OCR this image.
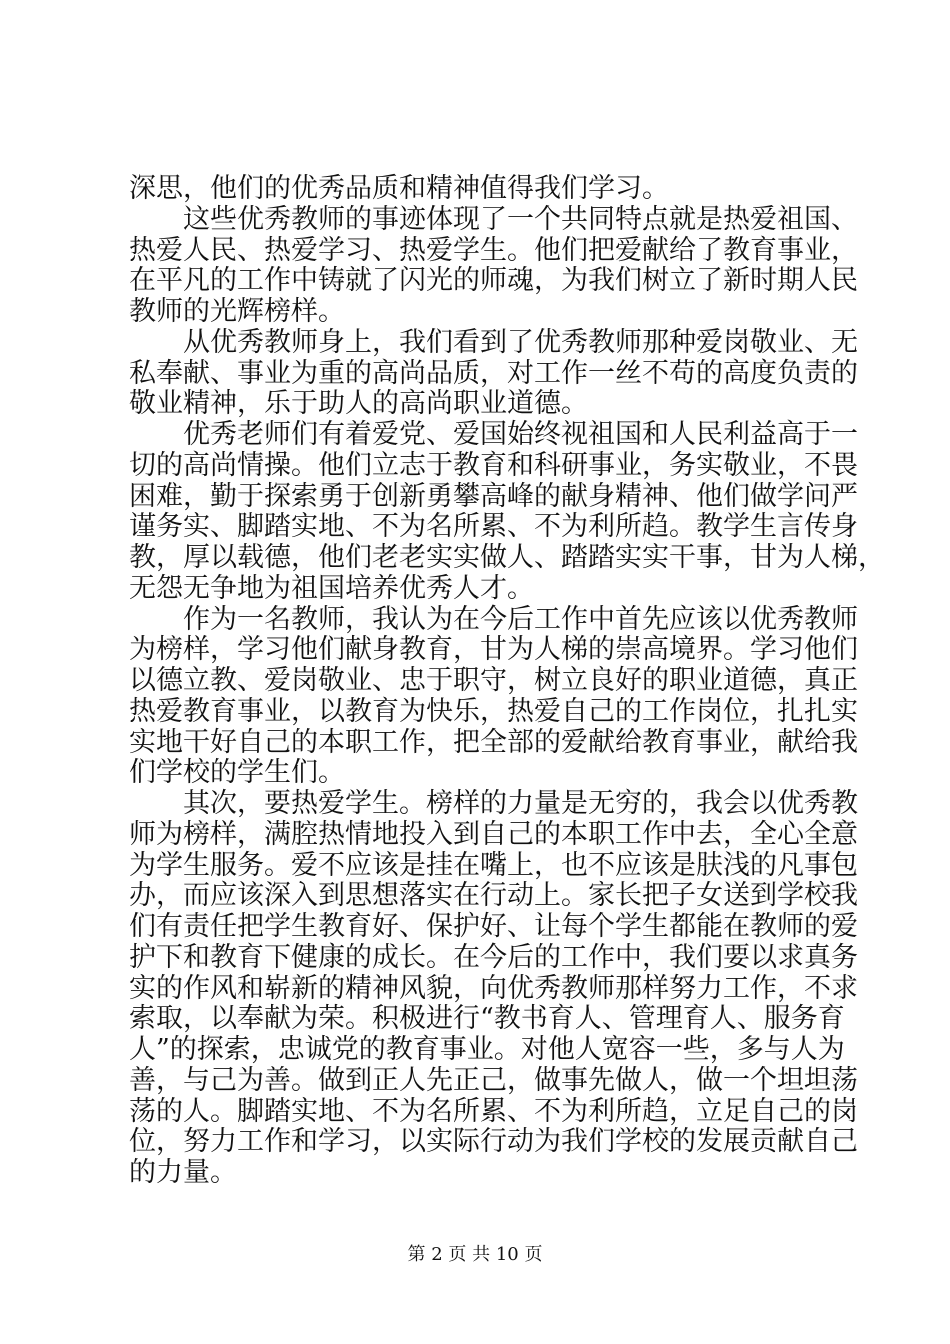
深思，他们的优秀品质和精神值得我们学习。
这些优秀教师的事迹体现了一个共同特点就是热爱祖国、
热爱人民、热爱学习、热爱学生。他们把爱献给了教育事业，
在平凡的工作中铸就了闪光的师魂，为我们树立了新时期人民
教师的光辉榜样。
从优秀教师身上，我们看到了优秀教师那种爱岗敬业、无
私奉献、事业为重的高尚品质，对工作一丝不苟的高度负责的
敬业精神，乐于助人的高尚职业道德。
优秀老师们有着爱党、爱国始终视祖国和人民利益高于一
切的高尚情操。他们立志于教育和科研事业，务实敬业，不畏
困难，勤于探索勇于创新勇攀高峰的献身精神、他们做学问严
谨务实、脚踏实地、不为名所累、不为利所趋。教学生言传身
教，厚以载德，他们老老实实做人、踏踏实实干事，甘为人梯，
无怨无争地为祖国培养优秀人才。
作为一名教师，我认为在今后工作中首先应该以优秀教师
为榜样，学习他们献身教育，甘为人梯的崇高境界。学习他们
以德立教、爱岗敬业、忠于职守，树立良好的职业道德，真正
热爱教育事业，以教育为快乐，热爱自己的工作岗位，扎扎实
实地干好自己的本职工作，把全部的爱献给教育事业，献给我
们学校的学生们。
其次，要热爱学生。榜样的力量是无穷的，我会以优秀教
师为榜样，满腔热情地投入到自己的本职工作中去，全心全意
为学生服务。爱不应该是挂在嘴上，也不应该是肤浅的凡事包
办，而应该深入到思想落实在行动上。家长把子女送到学校我
们有责任把学生教育好、保护好、让每个学生都能在教师的爱
护下和教育下健康的成长。在今后的工作中，我们要以求真务
实的作风和崭新的精神风貌，向优秀教师那样努力工作，不求
索取，以奉献为荣。积极进行“教书育人、管理育人、服务育
人”的探索，忠诚党的教育事业。对他人宽容一些，多与人为
善，与己为善。做到正人先正己，做事先做人，做一个坦坦荡
荡的人。脚踏实地、不为名所累、不为利所趋，立足自己的岗
位，努力工作和学习，以实际行动为我们学校的发展贡献自己
的力量。
第 2 页 共 10 页
